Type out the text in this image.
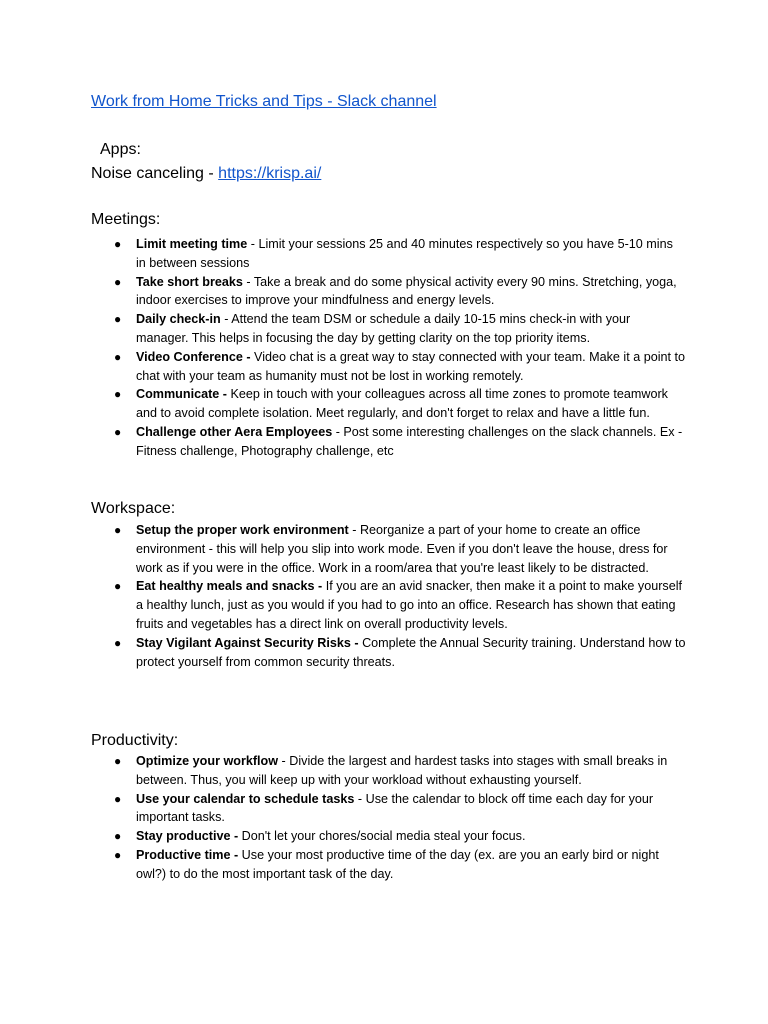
Work from Home Tricks and Tips - Slack channel
Apps:
Noise canceling - https://krisp.ai/
Meetings:
● Limit meeting time - Limit your sessions 25 and 40 minutes respectively so you have 5-10 mins in between sessions
● Take short breaks - Take a break and do some physical activity every 90 mins. Stretching, yoga, indoor exercises to improve your mindfulness and energy levels.
● Daily check-in - Attend the team DSM or schedule a daily 10-15 mins check-in with your manager. This helps in focusing the day by getting clarity on the top priority items.
● Video Conference - Video chat is a great way to stay connected with your team. Make it a point to chat with your team as humanity must not be lost in working remotely.
● Communicate - Keep in touch with your colleagues across all time zones to promote teamwork and to avoid complete isolation. Meet regularly, and don't forget to relax and have a little fun.
● Challenge other Aera Employees - Post some interesting challenges on the slack channels. Ex - Fitness challenge, Photography challenge, etc
Workspace:
● Setup the proper work environment - Reorganize a part of your home to create an office environment - this will help you slip into work mode. Even if you don't leave the house, dress for work as if you were in the office. Work in a room/area that you're least likely to be distracted.
● Eat healthy meals and snacks - If you are an avid snacker, then make it a point to make yourself a healthy lunch, just as you would if you had to go into an office. Research has shown that eating fruits and vegetables has a direct link on overall productivity levels.
● Stay Vigilant Against Security Risks - Complete the Annual Security training. Understand how to protect yourself from common security threats.
Productivity:
● Optimize your workflow - Divide the largest and hardest tasks into stages with small breaks in between. Thus, you will keep up with your workload without exhausting yourself.
● Use your calendar to schedule tasks - Use the calendar to block off time each day for your important tasks.
● Stay productive - Don't let your chores/social media steal your focus.
● Productive time - Use your most productive time of the day (ex. are you an early bird or night owl?) to do the most important task of the day.
